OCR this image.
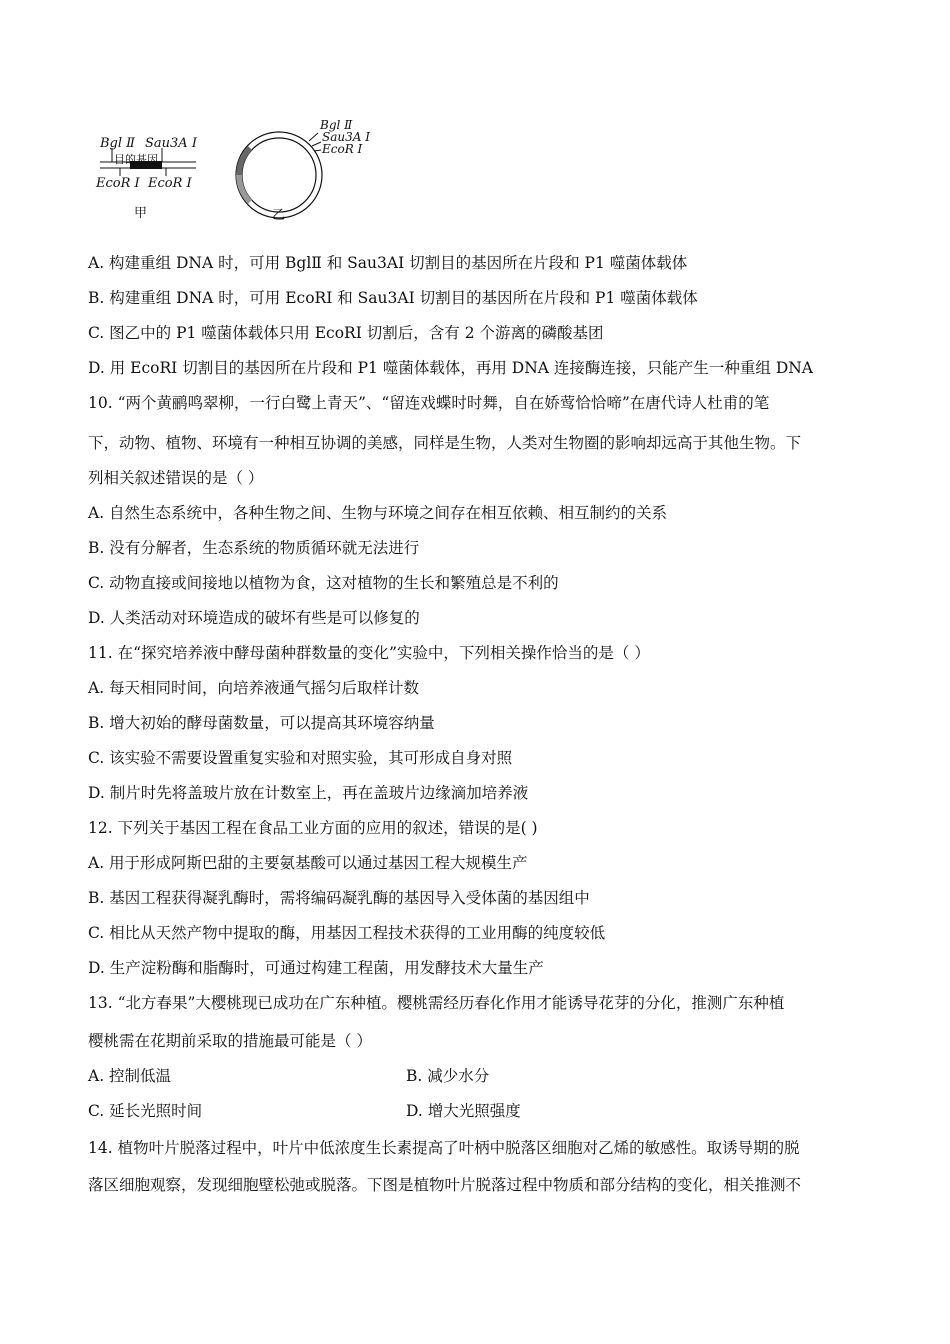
Bgl Ⅱ Sau3A Ⅰ
目的基因
EcoR Ⅰ EcoR Ⅰ
甲
Bgl Ⅱ
Sau3A Ⅰ
EcoR Ⅰ
乙
A. 构建重组 DNA 时，可用 BglⅡ 和 Sau3AⅠ 切割目的基因所在片段和 P1 噬菌体载体
B. 构建重组 DNA 时，可用 EcoRⅠ 和 Sau3AⅠ 切割目的基因所在片段和 P1 噬菌体载体
C. 图乙中的 P1 噬菌体载体只用 EcoRⅠ 切割后，含有 2 个游离的磷酸基团
D. 用 EcoRⅠ 切割目的基因所在片段和 P1 噬菌体载体，再用 DNA 连接酶连接，只能产生一种重组 DNA
10. “两个黄鹂鸣翠柳，一行白鹭上青天”、“留连戏蝶时时舞，自在娇莺恰恰啼”在唐代诗人杜甫的笔
下，动物、植物、环境有一种相互协调的美感，同样是生物，人类对生物圈的影响却远高于其他生物。下
列相关叙述错误的是（ ）
A. 自然生态系统中，各种生物之间、生物与环境之间存在相互依赖、相互制约的关系
B. 没有分解者，生态系统的物质循环就无法进行
C. 动物直接或间接地以植物为食，这对植物的生长和繁殖总是不利的
D. 人类活动对环境造成的破坏有些是可以修复的
11. 在“探究培养液中酵母菌种群数量的变化”实验中，下列相关操作恰当的是（ ）
A. 每天相同时间，向培养液通气摇匀后取样计数
B. 增大初始的酵母菌数量，可以提高其环境容纳量
C. 该实验不需要设置重复实验和对照实验，其可形成自身对照
D. 制片时先将盖玻片放在计数室上，再在盖玻片边缘滴加培养液
12. 下列关于基因工程在食品工业方面的应用的叙述，错误的是( )
A. 用于形成阿斯巴甜的主要氨基酸可以通过基因工程大规模生产
B. 基因工程获得凝乳酶时，需将编码凝乳酶的基因导入受体菌的基因组中
C. 相比从天然产物中提取的酶，用基因工程技术获得的工业用酶的纯度较低
D. 生产淀粉酶和脂酶时，可通过构建工程菌，用发酵技术大量生产
13. “北方春果”大樱桃现已成功在广东种植。樱桃需经历春化作用才能诱导花芽的分化，推测广东种植
樱桃需在花期前采取的措施最可能是（ ）
A. 控制低温	B. 减少水分
C. 延长光照时间	D. 增大光照强度
14. 植物叶片脱落过程中，叶片中低浓度生长素提高了叶柄中脱落区细胞对乙烯的敏感性。取诱导期的脱
落区细胞观察，发现细胞壁松弛或脱落。下图是植物叶片脱落过程中物质和部分结构的变化，相关推测不
